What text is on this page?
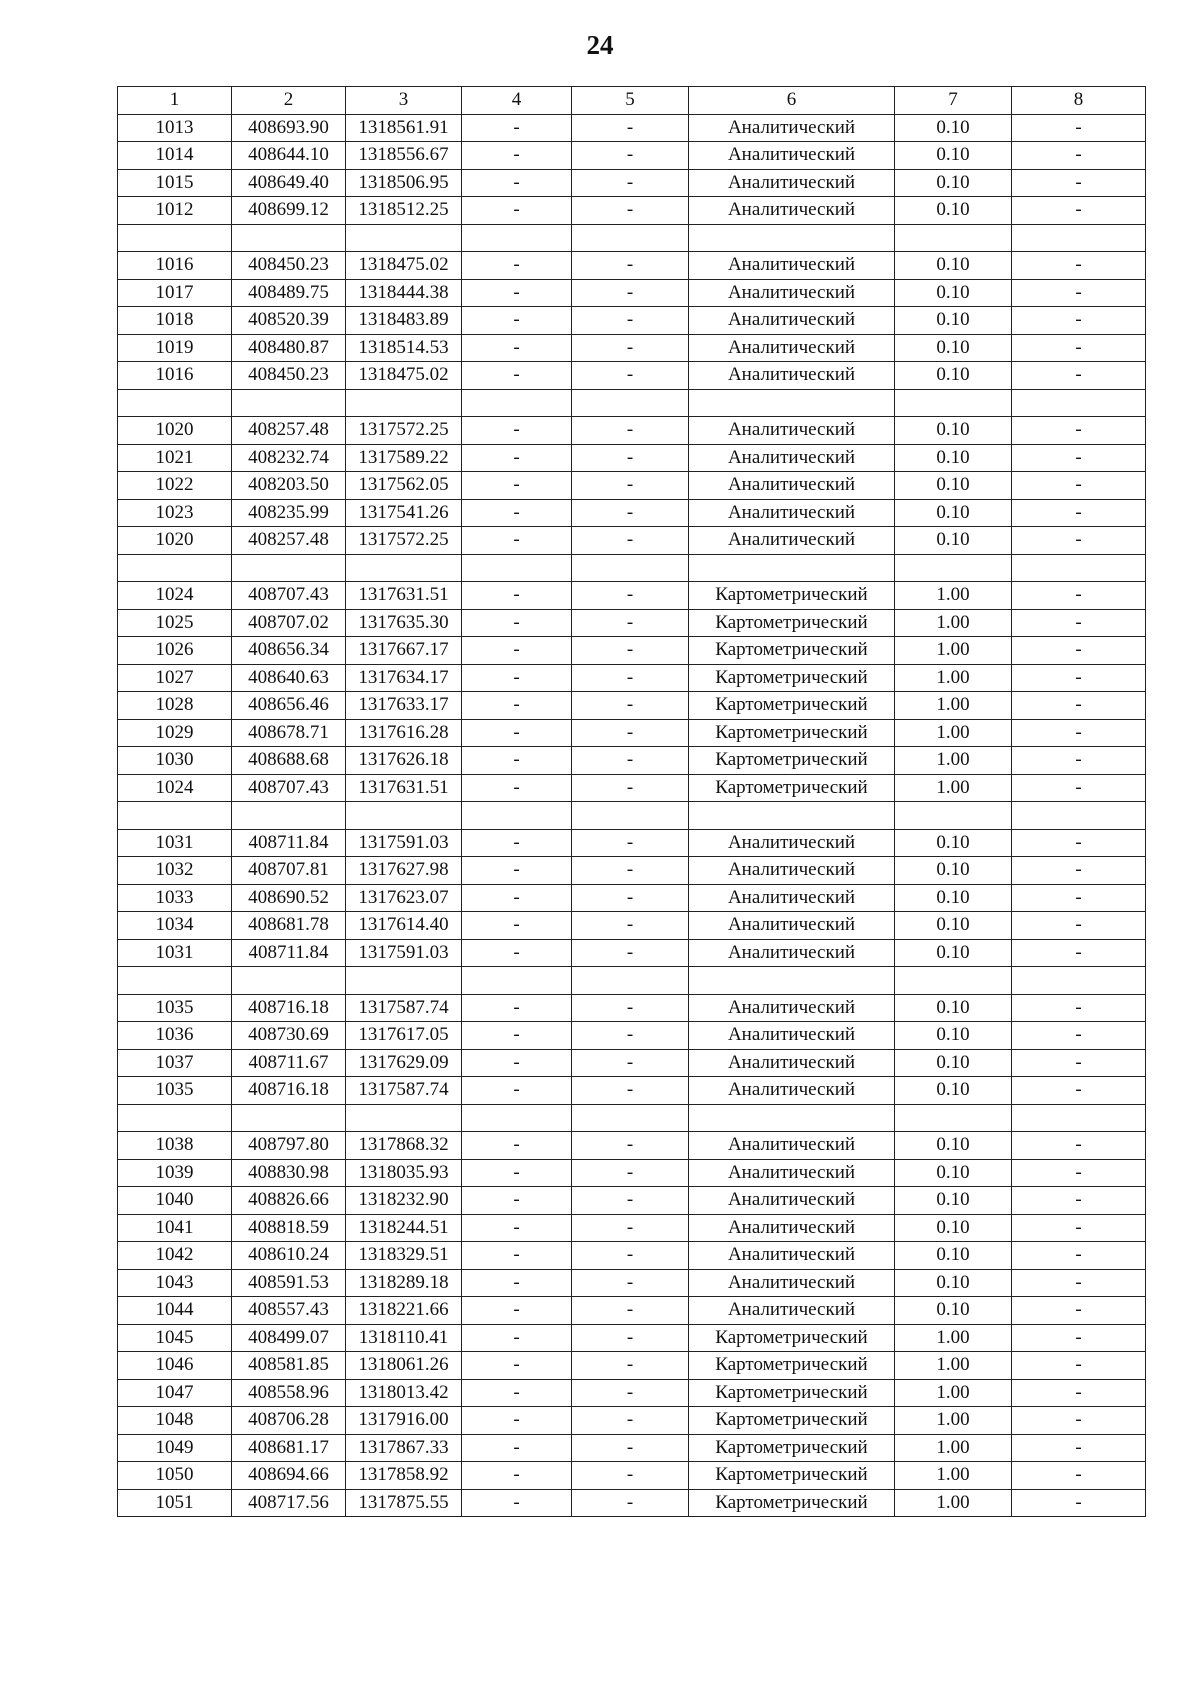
24
1	2	3	4	5	6	7	8
1013	408693.90	1318561.91	-	-	Аналитический	0.10	-
1014	408644.10	1318556.67	-	-	Аналитический	0.10	-
1015	408649.40	1318506.95	-	-	Аналитический	0.10	-
1012	408699.12	1318512.25	-	-	Аналитический	0.10	-

1016	408450.23	1318475.02	-	-	Аналитический	0.10	-
1017	408489.75	1318444.38	-	-	Аналитический	0.10	-
1018	408520.39	1318483.89	-	-	Аналитический	0.10	-
1019	408480.87	1318514.53	-	-	Аналитический	0.10	-
1016	408450.23	1318475.02	-	-	Аналитический	0.10	-

1020	408257.48	1317572.25	-	-	Аналитический	0.10	-
1021	408232.74	1317589.22	-	-	Аналитический	0.10	-
1022	408203.50	1317562.05	-	-	Аналитический	0.10	-
1023	408235.99	1317541.26	-	-	Аналитический	0.10	-
1020	408257.48	1317572.25	-	-	Аналитический	0.10	-

1024	408707.43	1317631.51	-	-	Картометрический	1.00	-
1025	408707.02	1317635.30	-	-	Картометрический	1.00	-
1026	408656.34	1317667.17	-	-	Картометрический	1.00	-
1027	408640.63	1317634.17	-	-	Картометрический	1.00	-
1028	408656.46	1317633.17	-	-	Картометрический	1.00	-
1029	408678.71	1317616.28	-	-	Картометрический	1.00	-
1030	408688.68	1317626.18	-	-	Картометрический	1.00	-
1024	408707.43	1317631.51	-	-	Картометрический	1.00	-

1031	408711.84	1317591.03	-	-	Аналитический	0.10	-
1032	408707.81	1317627.98	-	-	Аналитический	0.10	-
1033	408690.52	1317623.07	-	-	Аналитический	0.10	-
1034	408681.78	1317614.40	-	-	Аналитический	0.10	-
1031	408711.84	1317591.03	-	-	Аналитический	0.10	-

1035	408716.18	1317587.74	-	-	Аналитический	0.10	-
1036	408730.69	1317617.05	-	-	Аналитический	0.10	-
1037	408711.67	1317629.09	-	-	Аналитический	0.10	-
1035	408716.18	1317587.74	-	-	Аналитический	0.10	-

1038	408797.80	1317868.32	-	-	Аналитический	0.10	-
1039	408830.98	1318035.93	-	-	Аналитический	0.10	-
1040	408826.66	1318232.90	-	-	Аналитический	0.10	-
1041	408818.59	1318244.51	-	-	Аналитический	0.10	-
1042	408610.24	1318329.51	-	-	Аналитический	0.10	-
1043	408591.53	1318289.18	-	-	Аналитический	0.10	-
1044	408557.43	1318221.66	-	-	Аналитический	0.10	-
1045	408499.07	1318110.41	-	-	Картометрический	1.00	-
1046	408581.85	1318061.26	-	-	Картометрический	1.00	-
1047	408558.96	1318013.42	-	-	Картометрический	1.00	-
1048	408706.28	1317916.00	-	-	Картометрический	1.00	-
1049	408681.17	1317867.33	-	-	Картометрический	1.00	-
1050	408694.66	1317858.92	-	-	Картометрический	1.00	-
1051	408717.56	1317875.55	-	-	Картометрический	1.00	-
